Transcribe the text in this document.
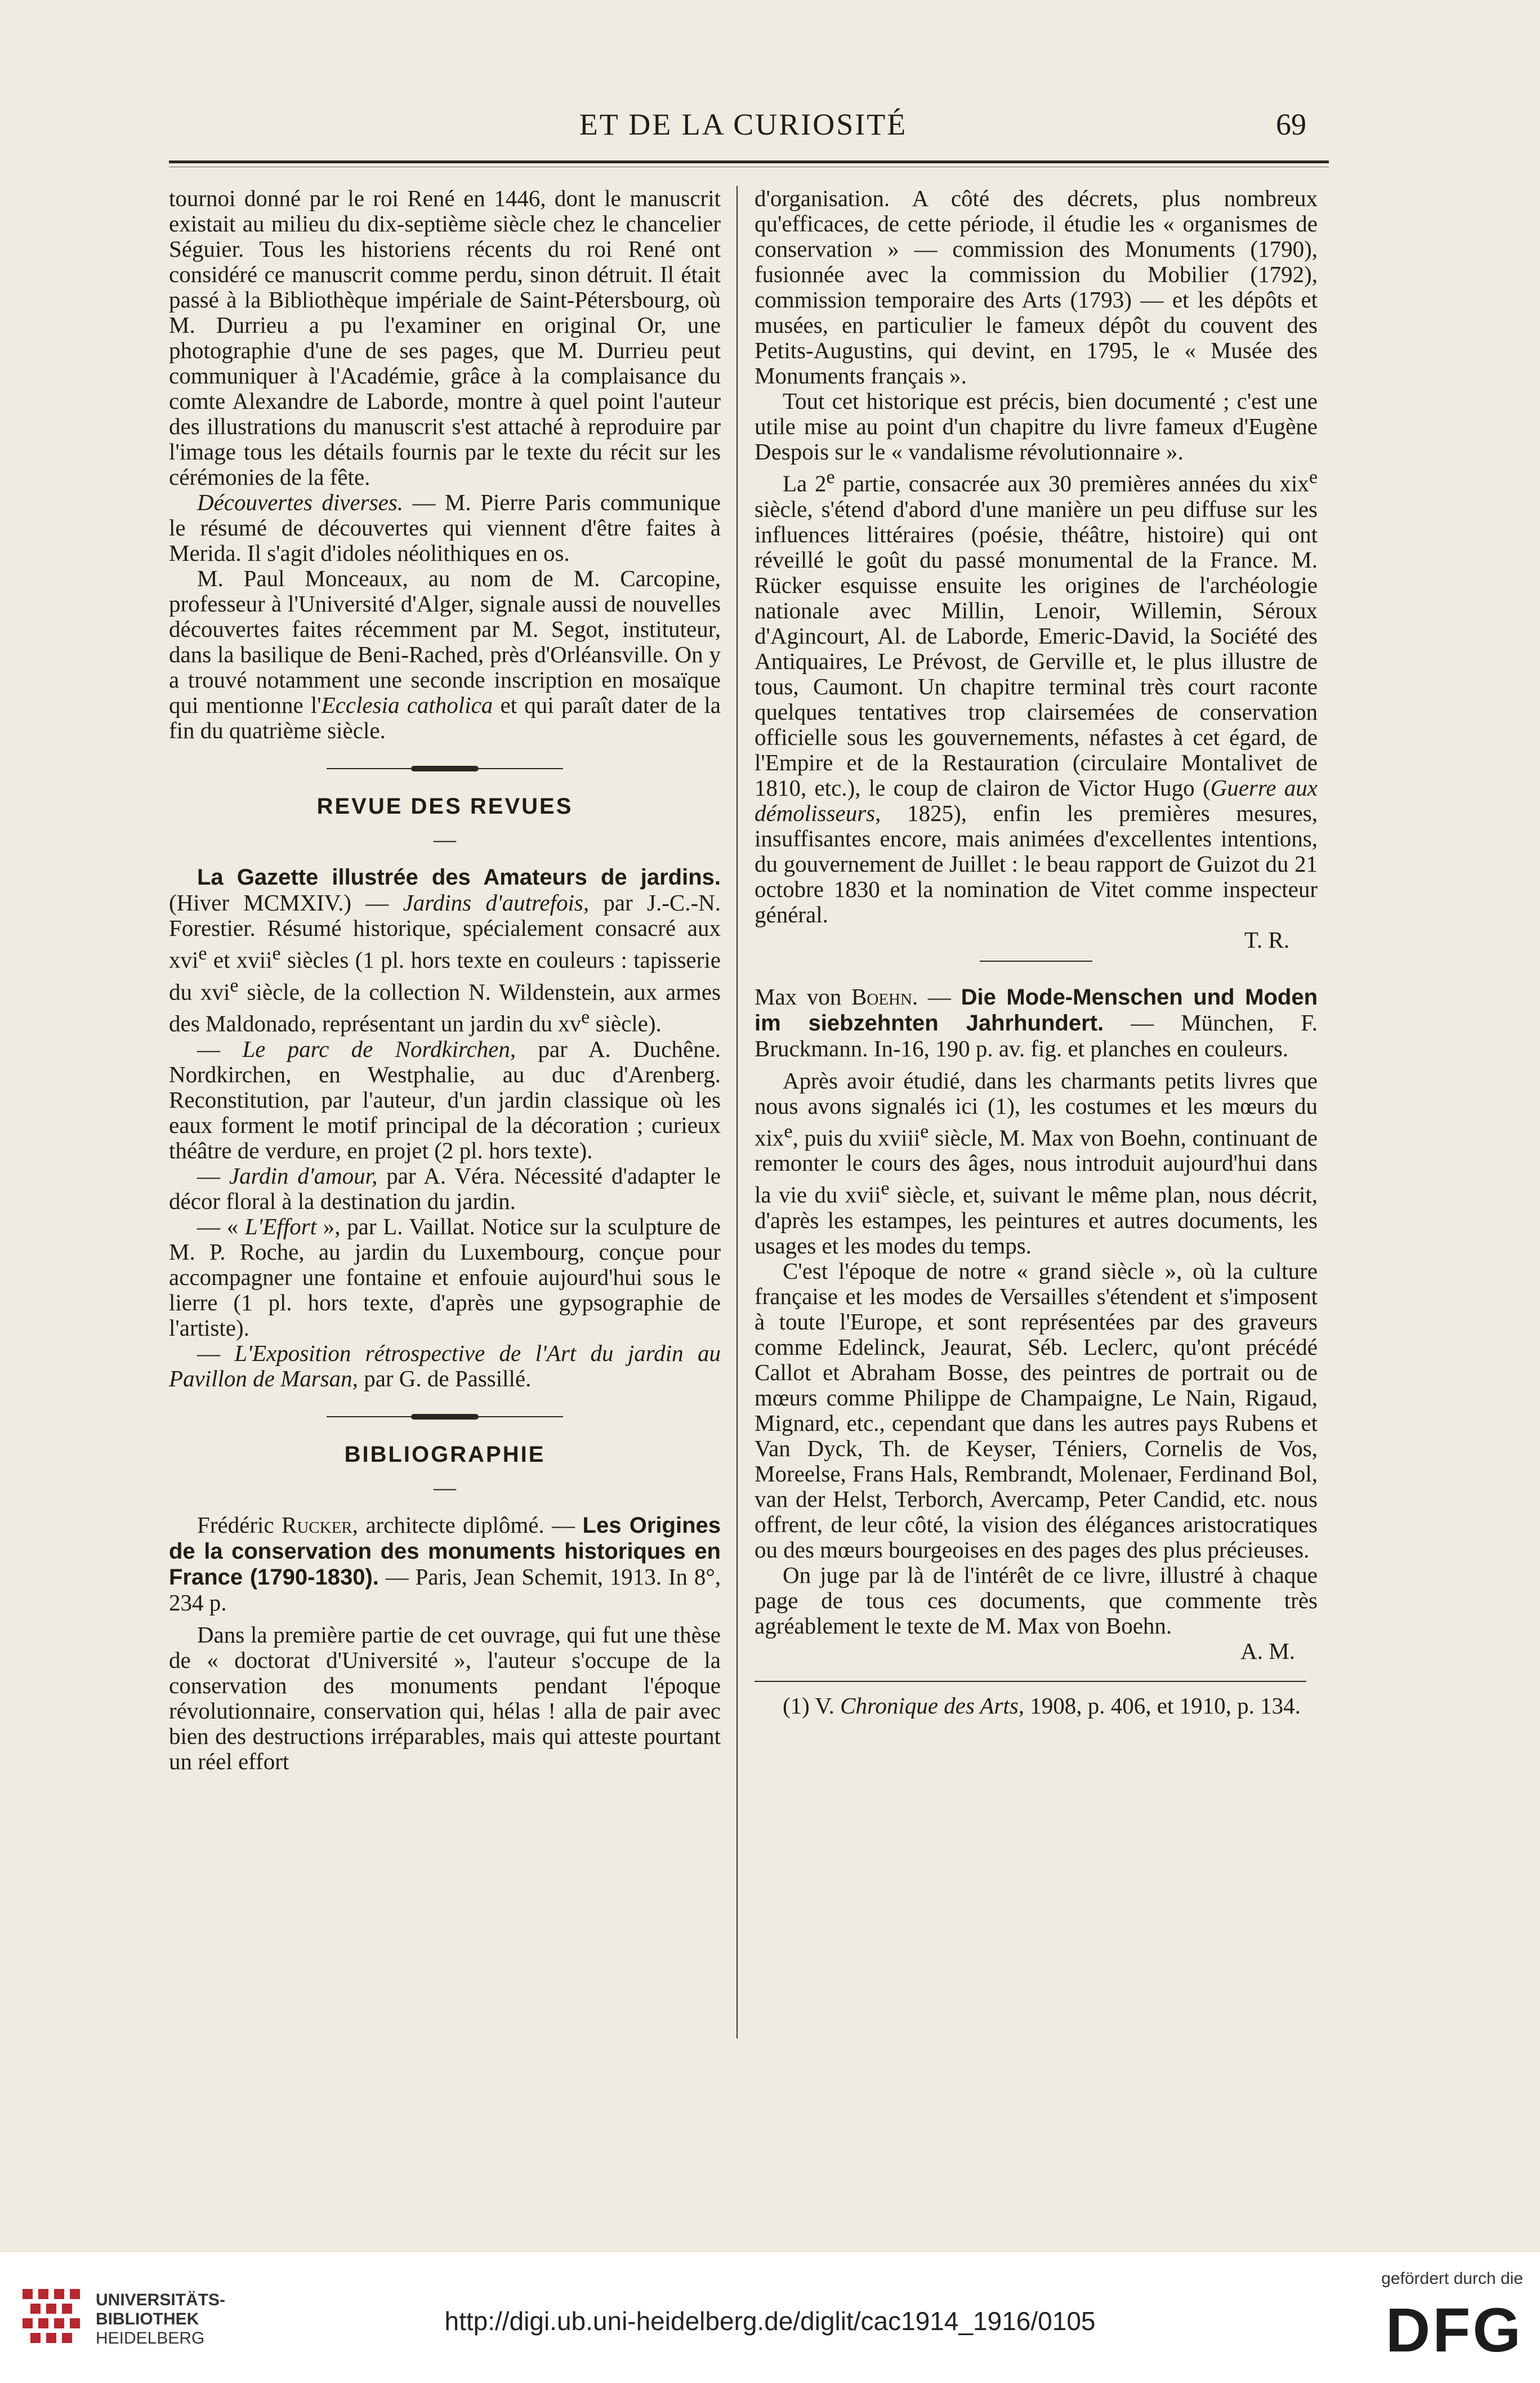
ET DE LA CURIOSITÉ	69

tournoi donné par le roi René en 1446, dont le manuscrit existait au milieu du dix-septième siècle chez le chancelier Séguier. Tous les historiens récents du roi René ont considéré ce manuscrit comme perdu, sinon détruit. Il était passé à la Bibliothèque impériale de Saint-Pétersbourg, où M. Durrieu a pu l'examiner en original Or, une photographie d'une de ses pages, que M. Durrieu peut communiquer à l'Académie, grâce à la complaisance du comte Alexandre de Laborde, montre à quel point l'auteur des illustrations du manuscrit s'est attaché à reproduire par l'image tous les détails fournis par le texte du récit sur les cérémonies de la fête.

Découvertes diverses. — M. Pierre Paris communique le résumé de découvertes qui viennent d'être faites à Merida. Il s'agit d'idoles néolithiques en os.

M. Paul Monceaux, au nom de M. Carcopine, professeur à l'Université d'Alger, signale aussi de nouvelles découvertes faites récemment par M. Segot, instituteur, dans la basilique de Beni-Rached, près d'Orléansville. On y a trouvé notamment une seconde inscription en mosaïque qui mentionne l'Ecclesia catholica et qui paraît dater de la fin du quatrième siècle.

REVUE DES REVUES

—

La Gazette illustrée des Amateurs de jardins. (Hiver MCMXIV.) — Jardins d'autrefois, par J.-C.-N. Forestier. Résumé historique, spécialement consacré aux xvi$^e$ et xvii$^e$ siècles (1 pl. hors texte en couleurs : tapisserie du xvi$^e$ siècle, de la collection N. Wildenstein, aux armes des Maldonado, représentant un jardin du $xv^e$ siècle).

— Le parc de Nordkirchen, par A. Duchêne. Nordkirchen, en Westphalie, au duc d'Arenberg. Reconstitution, par l'auteur, d'un jardin classique où les eaux forment le motif principal de la décoration ; curieux théâtre de verdure, en projet (2 pl. hors texte).

— Jardin d'amour, par A. Véra. Nécessité d'adapter le décor floral à la destination du jardin.

— « L'Effort », par L. Vaillat. Notice sur la sculpture de M. P. Roche, au jardin du Luxembourg, conçue pour accompagner une fontaine et enfouie aujourd'hui sous le lierre (1 pl. hors texte, d'après une gypsographie de l'artiste).

— L'Exposition rétrospective de l'Art du jardin au Pavillon de Marsan, par G. de Passillé.

BIBLIOGRAPHIE

—

Frédéric Rucker, architecte diplômé. — Les Origines de la conservation des monuments historiques en France (1790-1830). — Paris, Jean Schemit, 1913. In 8°, 234 p.

Dans la première partie de cet ouvrage, qui fut une thèse de « doctorat d'Université », l'auteur s'occupe de la conservation des monuments pendant l'époque révolutionnaire, conservation qui, hélas ! alla de pair avec bien des destructions irréparables, mais qui atteste pourtant un réel effort

d'organisation. A côté des décrets, plus nombreux qu'efficaces, de cette période, il étudie les « organismes de conservation » — commission des Monuments (1790), fusionnée avec la commission du Mobilier (1792), commission temporaire des Arts (1793) — et les dépôts et musées, en particulier le fameux dépôt du couvent des Petits-Augustins, qui devint, en 1795, le « Musée des Monuments français ».

Tout cet historique est précis, bien documenté ; c'est une utile mise au point d'un chapitre du livre fameux d'Eugène Despois sur le « vandalisme révolutionnaire ».

La 2e partie, consacrée aux 30 premières années du xix$^e$ siècle, s'étend d'abord d'une manière un peu diffuse sur les influences littéraires (poésie, théâtre, histoire) qui ont réveillé le goût du passé monumental de la France. M. Rücker esquisse ensuite les origines de l'archéologie nationale avec Millin, Lenoir, Willemin, Séroux d'Agincourt, Al. de Laborde, Emeric-David, la Société des Antiquaires, Le Prévost, de Gerville et, le plus illustre de tous, Caumont. Un chapitre terminal très court raconte quelques tentatives trop clairsemées de conservation officielle sous les gouvernements, néfastes à cet égard, de l'Empire et de la Restauration (circulaire Montalivet de 1810, etc.), le coup de clairon de Victor Hugo (Guerre aux démolisseurs, 1825), enfin les premières mesures, insuffisantes encore, mais animées d'excellentes intentions, du gouvernement de Juillet : le beau rapport de Guizot du 21 octobre 1830 et la nomination de Vitet comme inspecteur général.

T. R.

Max von Boehn. — Die Mode-Menschen und Moden im siebzehnten Jahrhundert. — München, F. Bruckmann. In-16, 190 p. av. fig. et planches en couleurs.

Après avoir étudié, dans les charmants petits livres que nous avons signalés ici (1), les costumes et les mœurs du xix$^e$, puis du xviii$^e$ siècle, M. Max von Boehn, continuant de remonter le cours des âges, nous introduit aujourd'hui dans la vie du xvii$^e$ siècle, et, suivant le même plan, nous décrit, d'après les estampes, les peintures et autres documents, les usages et les modes du temps.

C'est l'époque de notre « grand siècle », où la culture française et les modes de Versailles s'étendent et s'imposent à toute l'Europe, et sont représentées par des graveurs comme Edelinck, Jeaurat, Séb. Leclerc, qu'ont précédé Callot et Abraham Bosse, des peintres de portrait ou de mœurs comme Philippe de Champaigne, Le Nain, Rigaud, Mignard, etc., cependant que dans les autres pays Rubens et Van Dyck, Th. de Keyser, Téniers, Cornelis de Vos, Moreelse, Frans Hals, Rembrandt, Molenaer, Ferdinand Bol, van der Helst, Terborch, Avercamp, Peter Candid, etc. nous offrent, de leur côté, la vision des élégances aristocratiques ou des mœurs bourgeoises en des pages des plus précieuses.

On juge par là de l'intérêt de ce livre, illustré à chaque page de tous ces documents, que commente très agréablement le texte de M. Max von Boehn.

A. M.

(1) V. Chronique des Arts, 1908, p. 406, et 1910, p. 134.

UNIVERSITÄTS-
BIBLIOTHEK
HEIDELBERG
http://digi.ub.uni-heidelberg.de/diglit/cac1914_1916/0105
gefördert durch die
DFG
